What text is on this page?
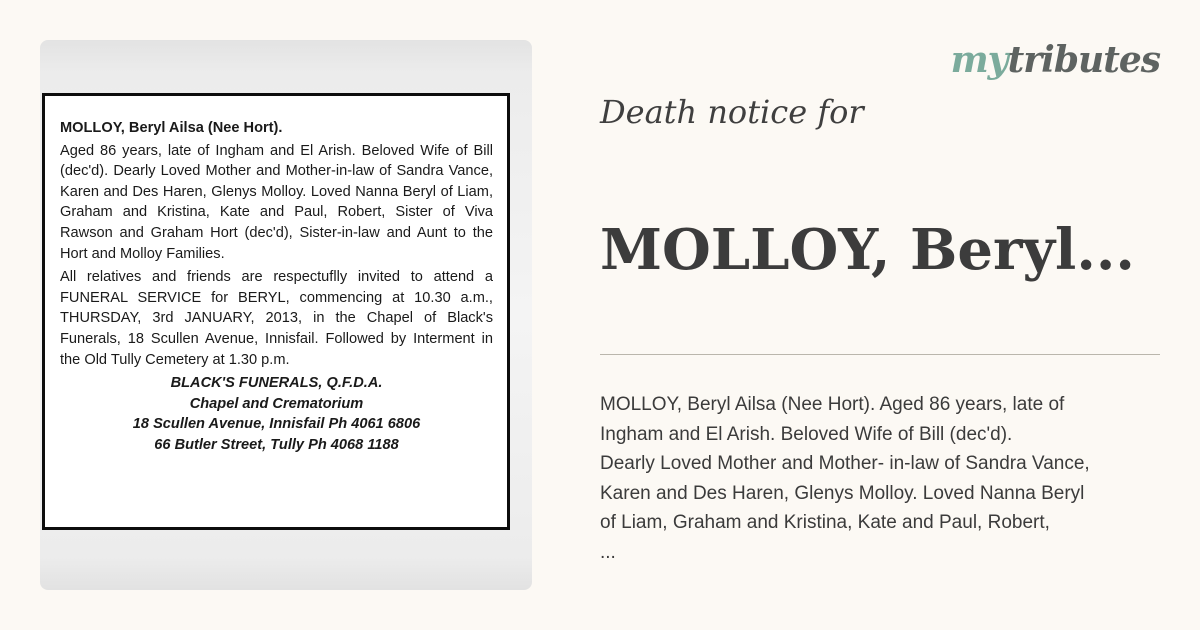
MOLLOY, Beryl Ailsa (Nee Hort).
Aged 86 years, late of Ingham and El Arish. Beloved Wife of Bill (dec'd). Dearly Loved Mother and Mother-in-law of Sandra Vance, Karen and Des Haren, Glenys Molloy. Loved Nanna Beryl of Liam, Graham and Kristina, Kate and Paul, Robert, Sister of Viva Rawson and Graham Hort (dec'd), Sister-in-law and Aunt to the Hort and Molloy Families.
All relatives and friends are respectuflly invited to attend a FUNERAL SERVICE for BERYL, commencing at 10.30 a.m., THURSDAY, 3rd JANUARY, 2013, in the Chapel of Black's Funerals, 18 Scullen Avenue, Innisfail. Followed by Interment in the Old Tully Cemetery at 1.30 p.m.
BLACK'S FUNERALS, Q.F.D.A.
Chapel and Crematorium
18 Scullen Avenue, Innisfail Ph 4061 6806
66 Butler Street, Tully Ph 4068 1188
mytributes
Death notice for
MOLLOY, Beryl...
MOLLOY, Beryl Ailsa (Nee Hort). Aged 86 years, late of
Ingham and El Arish. Beloved Wife of Bill (dec'd).
Dearly Loved Mother and Mother- in-law of Sandra Vance,
Karen and Des Haren, Glenys Molloy. Loved Nanna Beryl
of Liam, Graham and Kristina, Kate and Paul, Robert,
...
